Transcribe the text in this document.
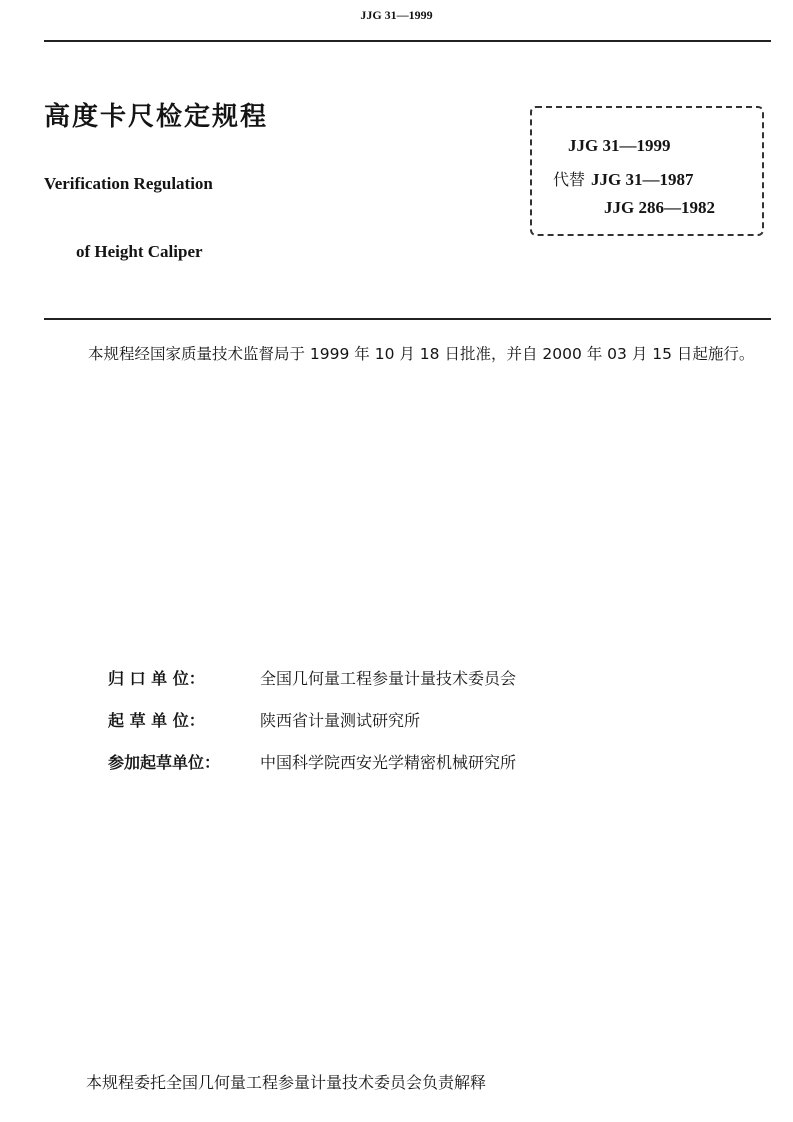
JJG 31—1999
高度卡尺检定规程
Verification Regulation
of Height Caliper
JJG 31—1999
代替 JJG 31—1987
JJG 286—1982
本规程经国家质量技术监督局于 1999 年 10 月 18 日批准，并自 2000 年 03 月 15 日起施行。
归 口 单 位：	全国几何量工程参量计量技术委员会
起 草 单 位：	陕西省计量测试研究所
参加起草单位： 中国科学院西安光学精密机械研究所
本规程委托全国几何量工程参量计量技术委员会负责解释
